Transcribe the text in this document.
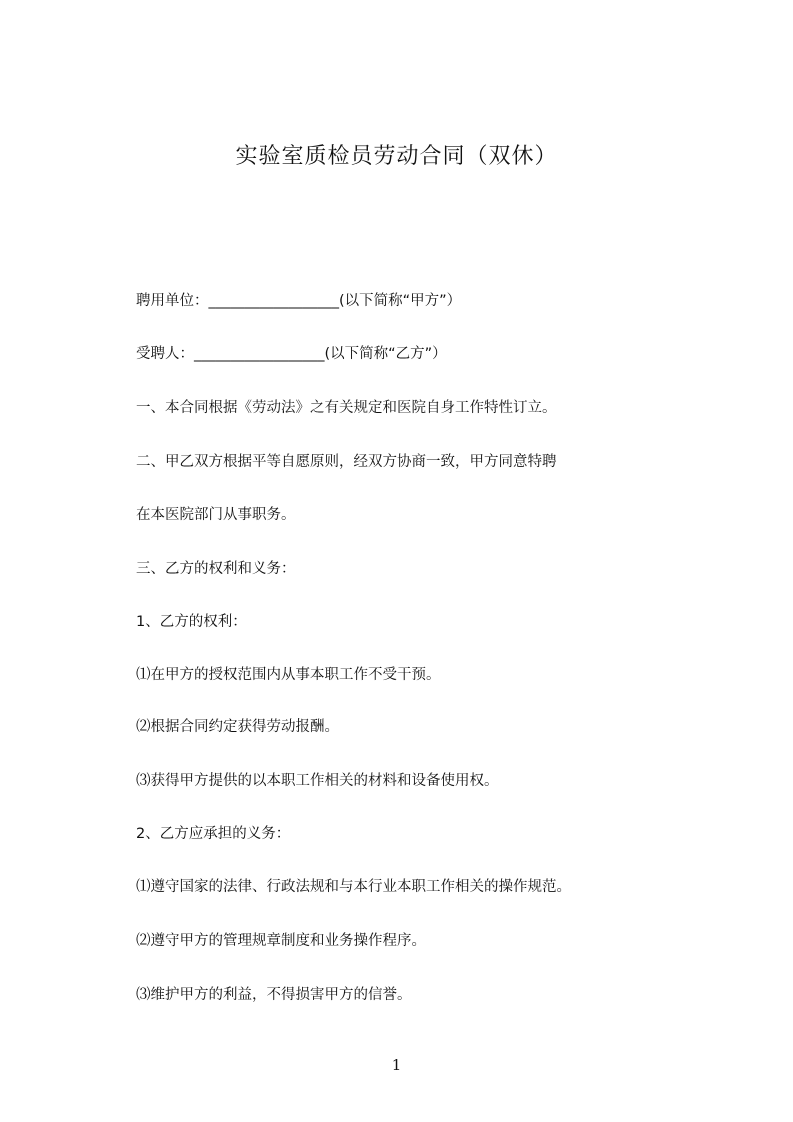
实验室质检员劳动合同（双休）
聘用单位：__________________(以下简称“甲方”）
受聘人：__________________(以下简称“乙方”）
一、本合同根据《劳动法》之有关规定和医院自身工作特性订立。
二、甲乙双方根据平等自愿原则，经双方协商一致，甲方同意特聘
在本医院部门从事职务。
三、乙方的权利和义务：
1、乙方的权利：
⑴在甲方的授权范围内从事本职工作不受干预。
⑵根据合同约定获得劳动报酬。
⑶获得甲方提供的以本职工作相关的材料和设备使用权。
2、乙方应承担的义务：
⑴遵守国家的法律、行政法规和与本行业本职工作相关的操作规范。
⑵遵守甲方的管理规章制度和业务操作程序。
⑶维护甲方的利益，不得损害甲方的信誉。
1
